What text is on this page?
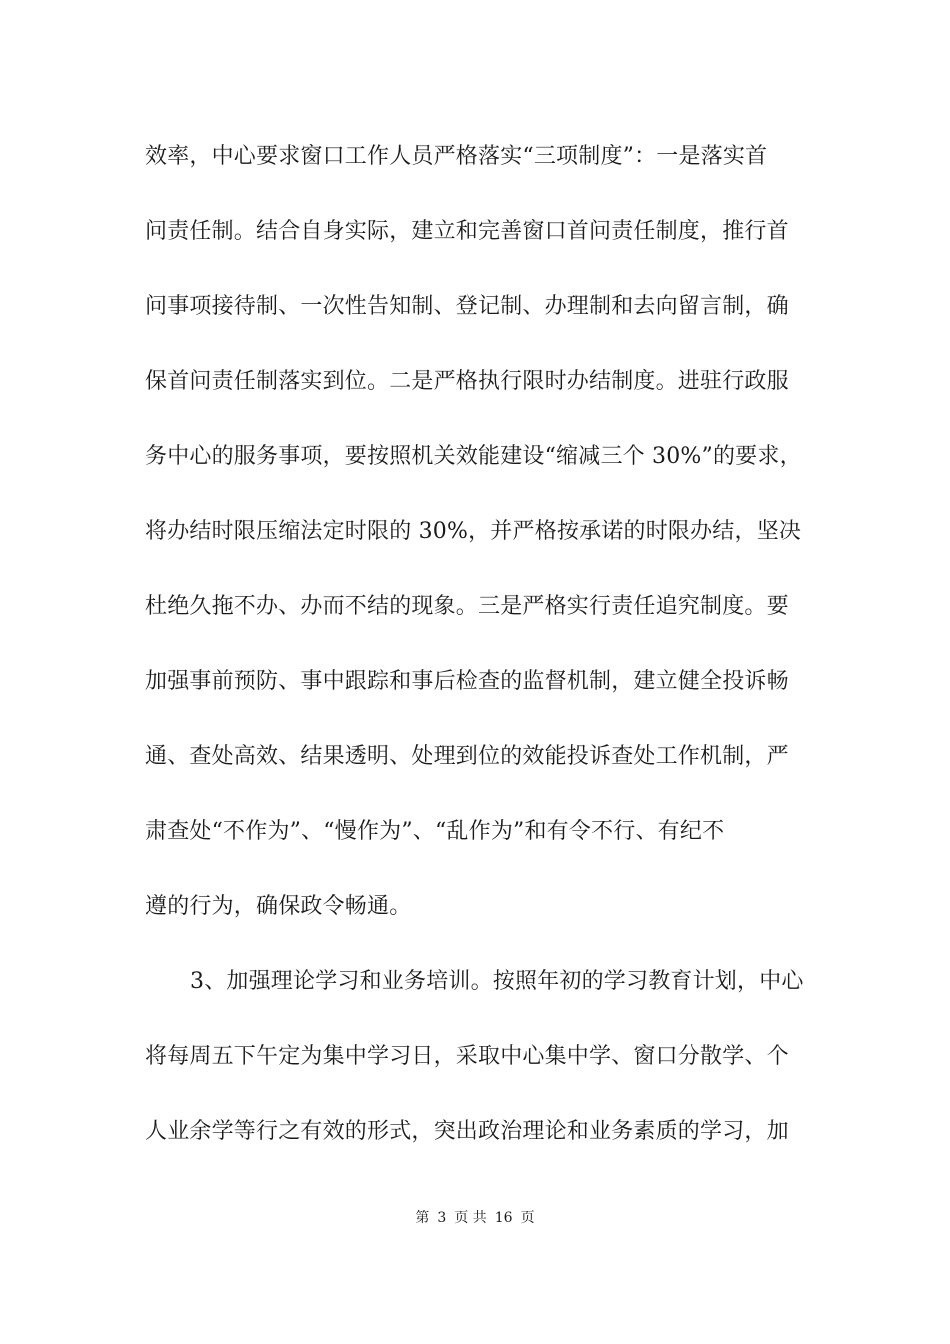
效率，中心要求窗口工作人员严格落实“三项制度”：一是落实首
问责任制。结合自身实际，建立和完善窗口首问责任制度，推行首
问事项接待制、一次性告知制、登记制、办理制和去向留言制，确
保首问责任制落实到位。二是严格执行限时办结制度。进驻行政服
务中心的服务事项，要按照机关效能建设“缩减三个 30%”的要求，
将办结时限压缩法定时限的 30%，并严格按承诺的时限办结，坚决
杜绝久拖不办、办而不结的现象。三是严格实行责任追究制度。要
加强事前预防、事中跟踪和事后检查的监督机制，建立健全投诉畅
通、查处高效、结果透明、处理到位的效能投诉查处工作机制，严
肃查处“不作为”、“慢作为”、“乱作为”和有令不行、有纪不
遵的行为，确保政令畅通。
3、加强理论学习和业务培训。按照年初的学习教育计划，中心
将每周五下午定为集中学习日，采取中心集中学、窗口分散学、个
人业余学等行之有效的形式，突出政治理论和业务素质的学习，加
第 3 页 共 16 页
